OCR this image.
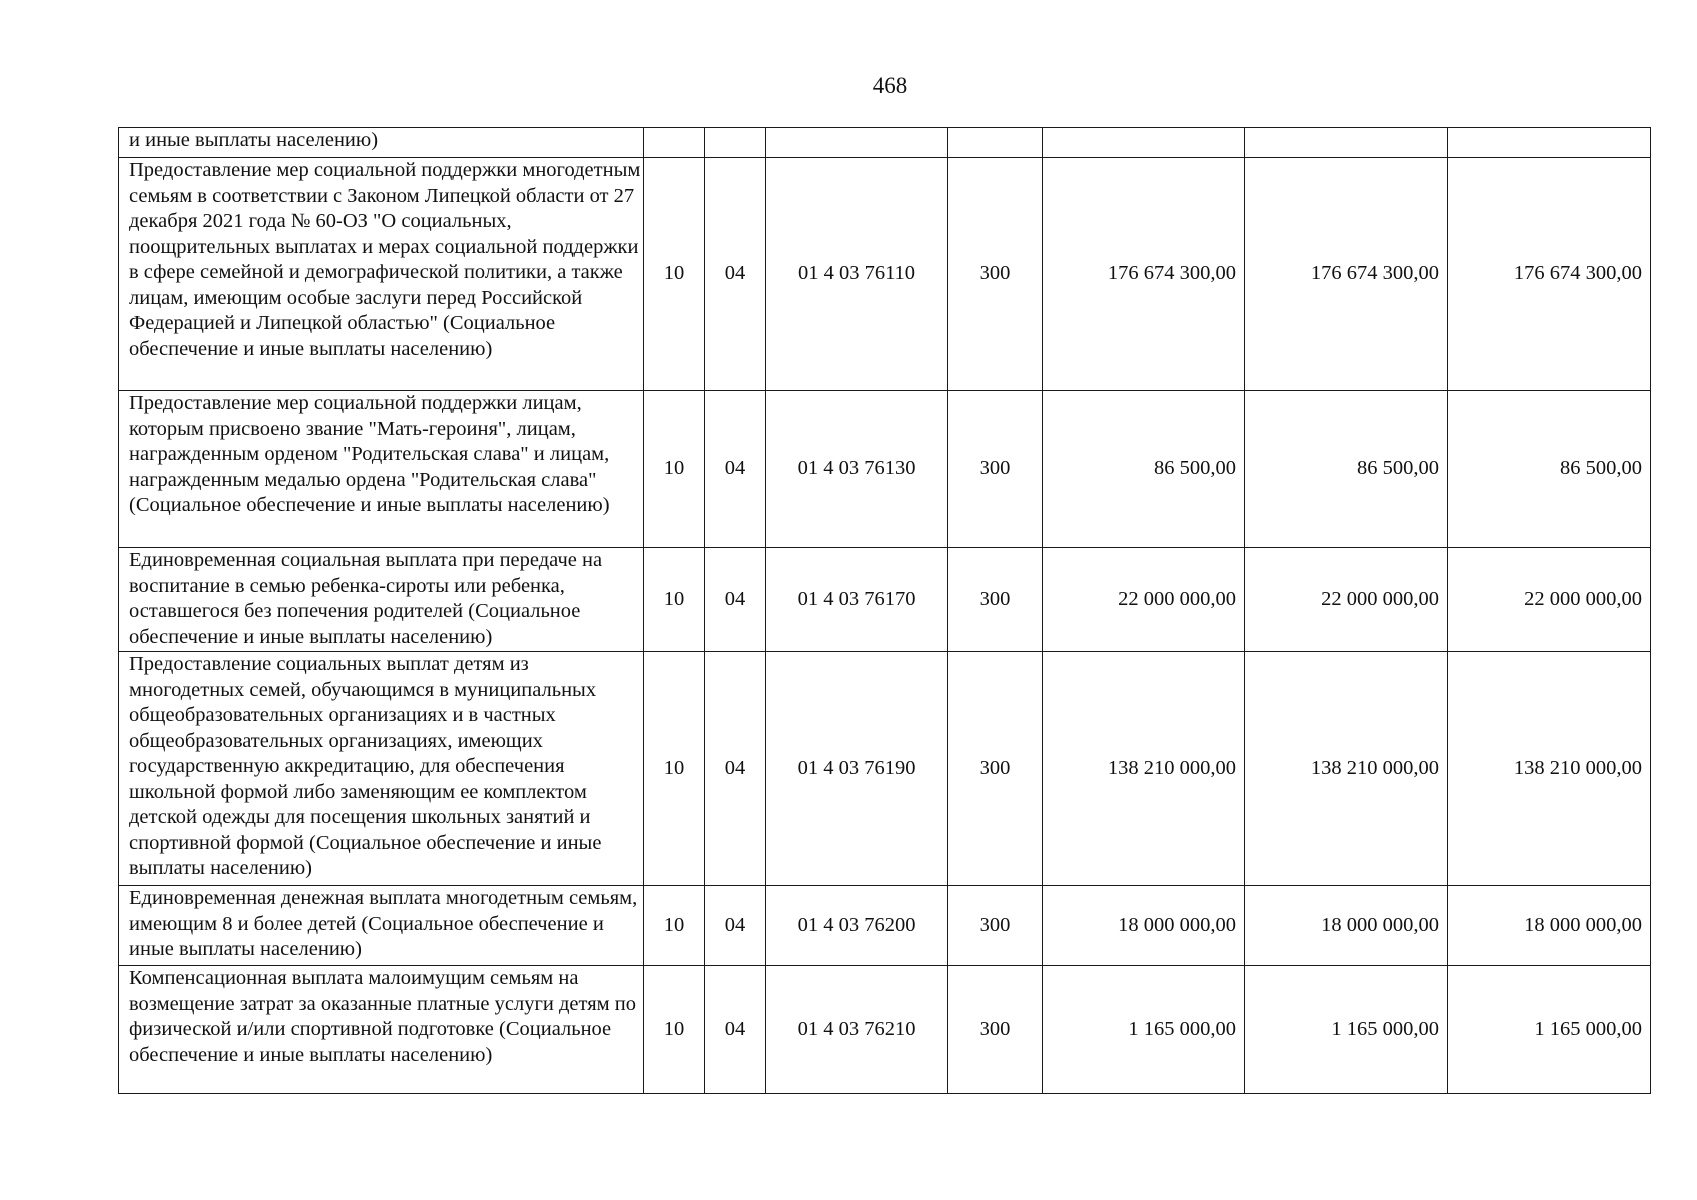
468
и иные выплаты населению)							
Предоставление мер социальной поддержки многодетным семьям в соответствии с Законом Липецкой области от 27 декабря 2021 года № 60-ОЗ "О социальных, поощрительных выплатах и мерах социальной поддержки в сфере семейной и демографической политики, а также лицам, имеющим особые заслуги перед Российской Федерацией и Липецкой областью" (Социальное обеспечение и иные выплаты населению)	10	04	01 4 03 76110	300	176 674 300,00	176 674 300,00	176 674 300,00
Предоставление мер социальной поддержки лицам, которым присвоено звание "Мать-героиня", лицам, награжденным орденом "Родительская слава" и лицам, награжденным медалью ордена "Родительская слава" (Социальное обеспечение и иные выплаты населению)	10	04	01 4 03 76130	300	86 500,00	86 500,00	86 500,00
Единовременная социальная выплата при передаче на воспитание в семью ребенка-сироты или ребенка, оставшегося без попечения родителей (Социальное обеспечение и иные выплаты населению)	10	04	01 4 03 76170	300	22 000 000,00	22 000 000,00	22 000 000,00
Предоставление социальных выплат детям из многодетных семей, обучающимся в муниципальных общеобразовательных организациях и в частных общеобразовательных организациях, имеющих государственную аккредитацию, для обеспечения школьной формой либо заменяющим ее комплектом детской одежды для посещения школьных занятий и спортивной формой (Социальное обеспечение и иные выплаты населению)	10	04	01 4 03 76190	300	138 210 000,00	138 210 000,00	138 210 000,00
Единовременная денежная выплата многодетным семьям, имеющим 8 и более детей (Социальное обеспечение и иные выплаты населению)	10	04	01 4 03 76200	300	18 000 000,00	18 000 000,00	18 000 000,00
Компенсационная выплата малоимущим семьям на возмещение затрат за оказанные платные услуги детям по физической и/или спортивной подготовке (Социальное обеспечение и иные выплаты населению)	10	04	01 4 03 76210	300	1 165 000,00	1 165 000,00	1 165 000,00
